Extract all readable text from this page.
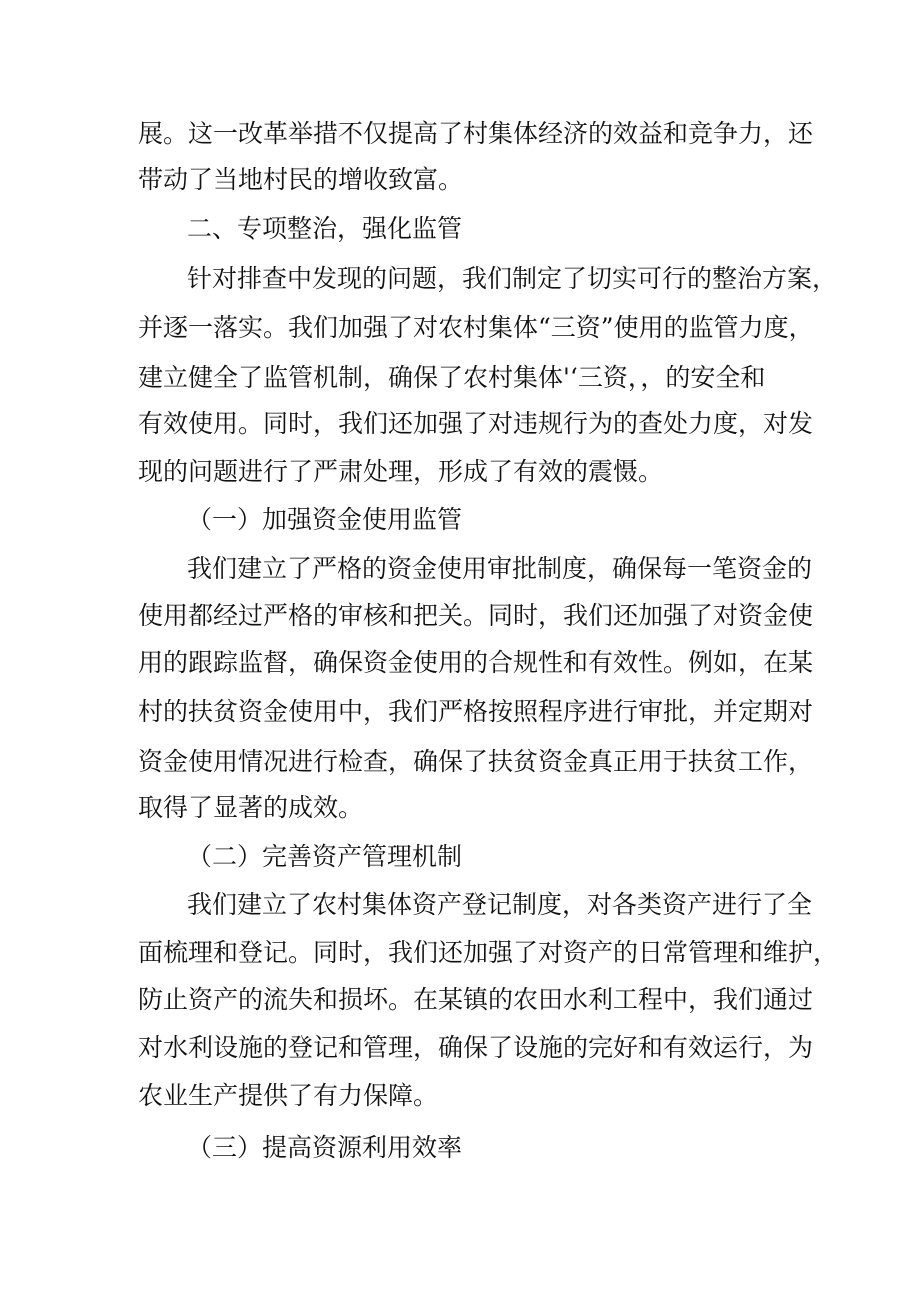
展。这一改革举措不仅提高了村集体经济的效益和竞争力，还
带动了当地村民的增收致富。
二、专项整治，强化监管
针对排查中发现的问题，我们制定了切实可行的整治方案，
并逐一落实。我们加强了对农村集体“三资”使用的监管力度，
建立健全了监管机制，确保了农村集体'‘三资，，的安全和
有效使用。同时，我们还加强了对违规行为的查处力度，对发
现的问题进行了严肃处理，形成了有效的震慑。
（一）加强资金使用监管
我们建立了严格的资金使用审批制度，确保每一笔资金的
使用都经过严格的审核和把关。同时，我们还加强了对资金使
用的跟踪监督，确保资金使用的合规性和有效性。例如，在某
村的扶贫资金使用中，我们严格按照程序进行审批，并定期对
资金使用情况进行检查，确保了扶贫资金真正用于扶贫工作，
取得了显著的成效。
（二）完善资产管理机制
我们建立了农村集体资产登记制度，对各类资产进行了全
面梳理和登记。同时，我们还加强了对资产的日常管理和维护，
防止资产的流失和损坏。在某镇的农田水利工程中，我们通过
对水利设施的登记和管理，确保了设施的完好和有效运行，为
农业生产提供了有力保障。
（三）提高资源利用效率
